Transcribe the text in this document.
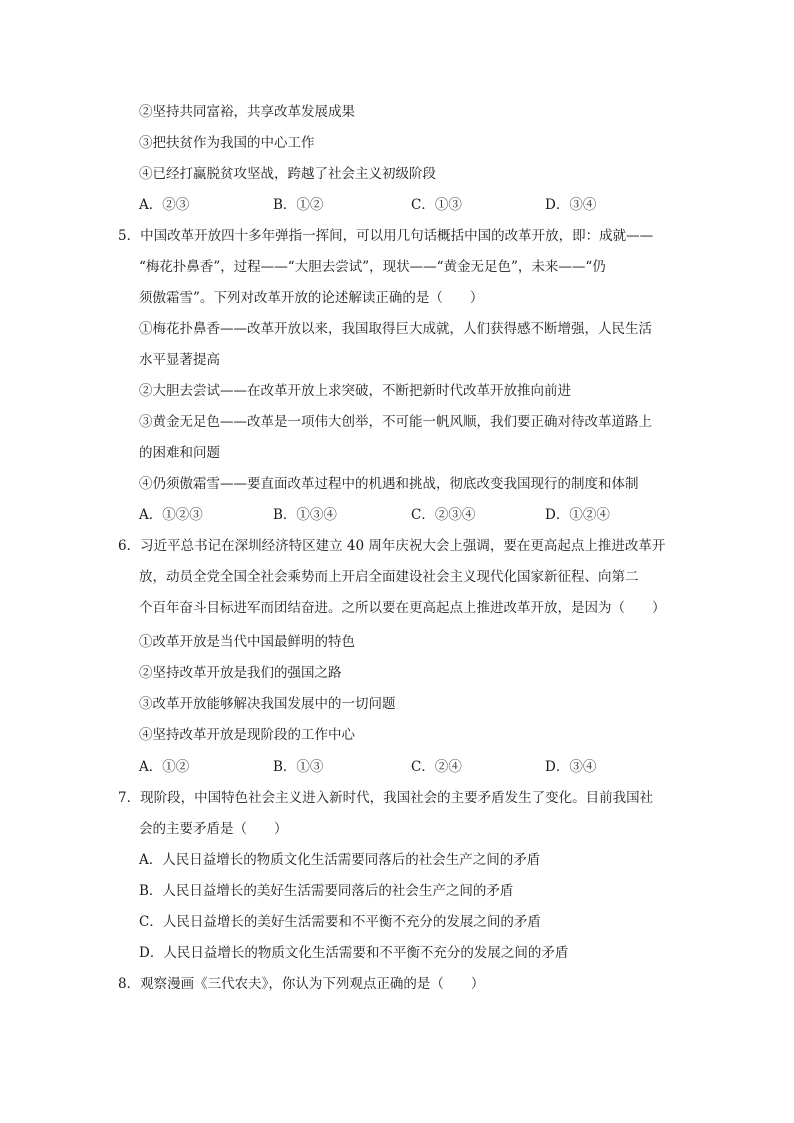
②坚持共同富裕，共享改革发展成果
③把扶贫作为我国的中心工作
④已经打赢脱贫攻坚战，跨越了社会主义初级阶段
A．②③	B．①②	C．①③	D．③④
5．中国改革开放四十多年弹指一挥间，可以用几句话概括中国的改革开放，即：成就——
“梅花扑鼻香”，过程——“大胆去尝试”，现状——“黄金无足色”，未来——“仍
须傲霜雪”。下列对改革开放的论述解读正确的是（　　）
①梅花扑鼻香——改革开放以来，我国取得巨大成就，人们获得感不断增强，人民生活
水平显著提高
②大胆去尝试——在改革开放上求突破，不断把新时代改革开放推向前进
③黄金无足色——改革是一项伟大创举，不可能一帆风顺，我们要正确对待改革道路上
的困难和问题
④仍须傲霜雪——要直面改革过程中的机遇和挑战，彻底改变我国现行的制度和体制
A．①②③	B．①③④	C．②③④	D．①②④
6．习近平总书记在深圳经济特区建立 40 周年庆祝大会上强调，要在更高起点上推进改革开
放，动员全党全国全社会乘势而上开启全面建设社会主义现代化国家新征程、向第二
个百年奋斗目标进军而团结奋进。之所以要在更高起点上推进改革开放，是因为（　　）
①改革开放是当代中国最鲜明的特色
②坚持改革开放是我们的强国之路
③改革开放能够解决我国发展中的一切问题
④坚持改革开放是现阶段的工作中心
A．①②	B．①③	C．②④	D．③④
7．现阶段，中国特色社会主义进入新时代，我国社会的主要矛盾发生了变化。目前我国社
会的主要矛盾是（　　）
A．人民日益增长的物质文化生活需要同落后的社会生产之间的矛盾
B．人民日益增长的美好生活需要同落后的社会生产之间的矛盾
C．人民日益增长的美好生活需要和不平衡不充分的发展之间的矛盾
D．人民日益增长的物质文化生活需要和不平衡不充分的发展之间的矛盾
8．观察漫画《三代农夫》，你认为下列观点正确的是（　　）
